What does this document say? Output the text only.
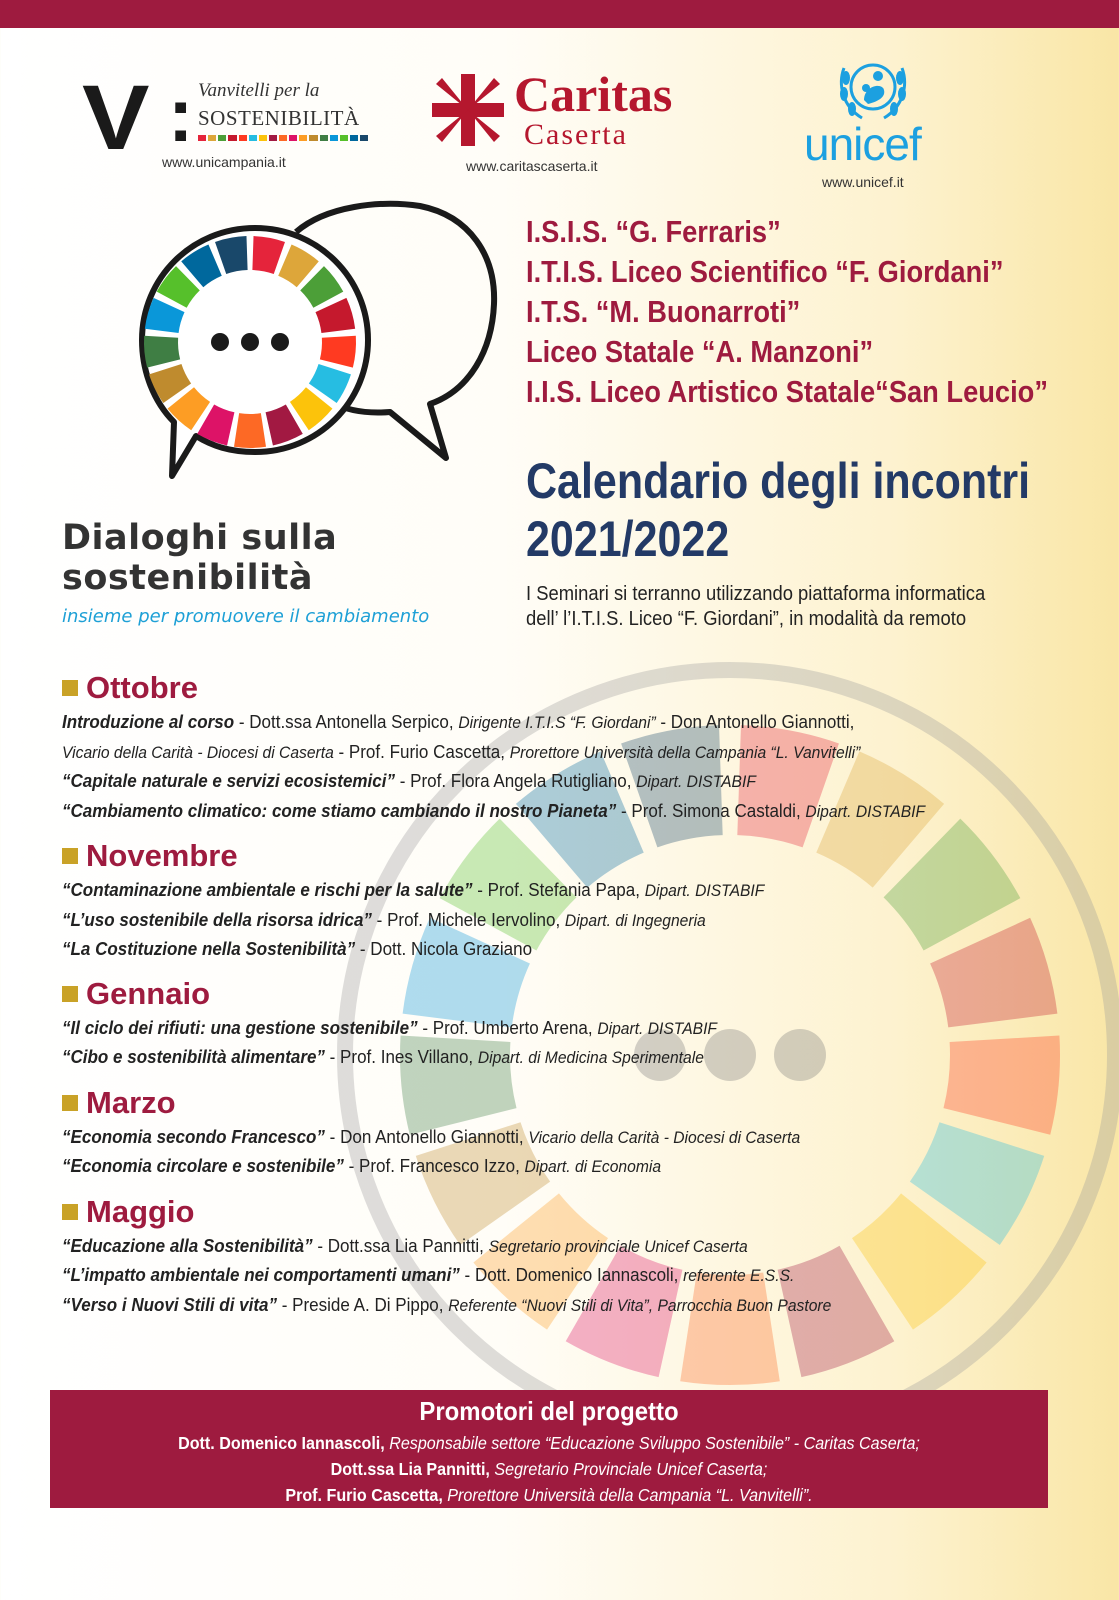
V : Vanvitelli per la
SOSTENIBILITÀ
www.unicampania.it
Caritas
Caserta
www.caritascaserta.it	unicef
www.unicef.it
Dialoghi sulla
sostenibilità
insieme per promuovere il cambiamento
I.S.I.S. “G. Ferraris”
I.T.I.S. Liceo Scientifico “F. Giordani”
I.T.S. “M. Buonarroti”
Liceo Statale “A. Manzoni”
I.I.S. Liceo Artistico Statale“San Leucio”
Calendario degli incontri
2021/2022
I Seminari si terranno utilizzando piattaforma informatica
dell’ l’I.T.I.S. Liceo “F. Giordani”, in modalità da remoto
Ottobre
Introduzione al corso - Dott.ssa Antonella Serpico, Dirigente I.T.I.S “F. Giordani” - Don Antonello Giannotti,
Vicario della Carità - Diocesi di Caserta - Prof. Furio Cascetta, Prorettore Università della Campania “L. Vanvitelli”
“Capitale naturale e servizi ecosistemici” - Prof. Flora Angela Rutigliano, Dipart. DISTABIF
“Cambiamento climatico: come stiamo cambiando il nostro Pianeta” - Prof. Simona Castaldi, Dipart. DISTABIF
Novembre
“Contaminazione ambientale e rischi per la salute” - Prof. Stefania Papa, Dipart. DISTABIF
“L’uso sostenibile della risorsa idrica” - Prof. Michele Iervolino, Dipart. di Ingegneria
“La Costituzione nella Sostenibilità” - Dott. Nicola Graziano
Gennaio
“Il ciclo dei rifiuti: una gestione sostenibile” - Prof. Umberto Arena, Dipart. DISTABIF
“Cibo e sostenibilità alimentare” - Prof. Ines Villano, Dipart. di Medicina Sperimentale
Marzo
“Economia secondo Francesco” - Don Antonello Giannotti, Vicario della Carità - Diocesi di Caserta
“Economia circolare e sostenibile” - Prof. Francesco Izzo, Dipart. di Economia
Maggio
“Educazione alla Sostenibilità” - Dott.ssa Lia Pannitti, Segretario provinciale Unicef Caserta
“L’impatto ambientale nei comportamenti umani” - Dott. Domenico Iannascoli, referente E.S.S.
“Verso i Nuovi Stili di vita” - Preside A. Di Pippo, Referente “Nuovi Stili di Vita”, Parrocchia Buon Pastore
Promotori del progetto
Dott. Domenico Iannascoli, Responsabile settore “Educazione Sviluppo Sostenibile” - Caritas Caserta;
Dott.ssa Lia Pannitti, Segretario Provinciale Unicef Caserta;
Prof. Furio Cascetta, Prorettore Università della Campania “L. Vanvitelli”.
